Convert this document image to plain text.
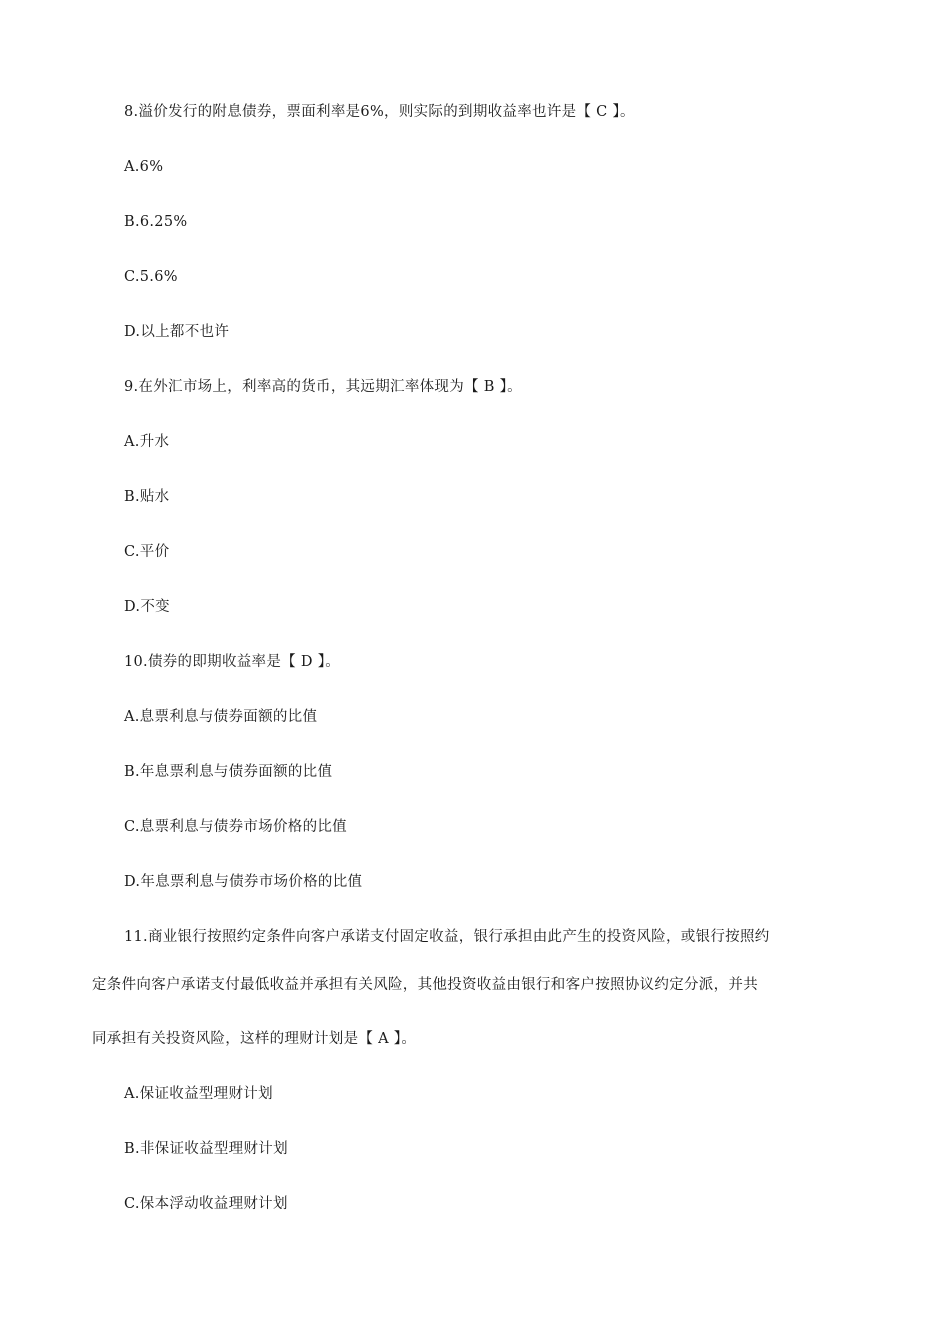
8.溢价发行的附息债券，票面利率是6%，则实际的到期收益率也许是【 C 】。
A.6%
B.6.25%
C.5.6%
D.以上都不也许
9.在外汇市场上，利率高的货币，其远期汇率体现为【 B 】。
A.升水
B.贴水
C.平价
D.不变
10.债券的即期收益率是【 D 】。
A.息票利息与债券面额的比值
B.年息票利息与债券面额的比值
C.息票利息与债券市场价格的比值
D.年息票利息与债券市场价格的比值
11.商业银行按照约定条件向客户承诺支付固定收益，银行承担由此产生的投资风险，或银行按照约
定条件向客户承诺支付最低收益并承担有关风险，其他投资收益由银行和客户按照协议约定分派，并共
同承担有关投资风险，这样的理财计划是【 A 】。
A.保证收益型理财计划
B.非保证收益型理财计划
C.保本浮动收益理财计划
